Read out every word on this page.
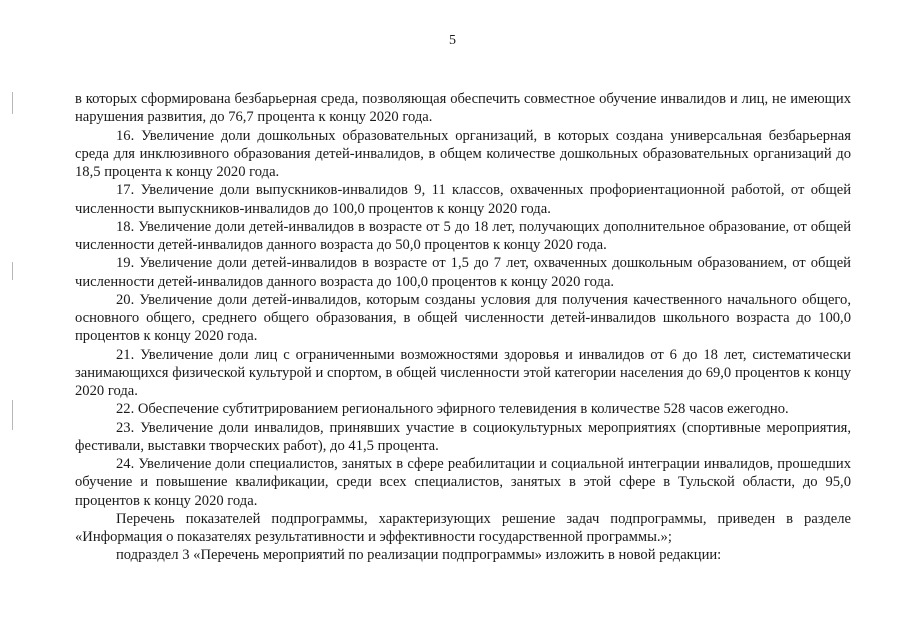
5

в которых сформирована безбарьерная среда, позволяющая обеспечить совместное обучение инвалидов и лиц, не имеющих нарушения развития, до 76,7 процента к концу 2020 года.

16. Увеличение доли дошкольных образовательных организаций, в которых создана универсальная безбарьерная среда для инклюзивного образования детей-инвалидов, в общем количестве дошкольных образовательных организаций до 18,5 процента к концу 2020 года.

17. Увеличение доли выпускников-инвалидов 9, 11 классов, охваченных профориентационной работой, от общей численности выпускников-инвалидов до 100,0 процентов к концу 2020 года.

18. Увеличение доли детей-инвалидов в возрасте от 5 до 18 лет, получающих дополнительное образование, от общей численности детей-инвалидов данного возраста до 50,0 процентов к концу 2020 года.

19. Увеличение доли детей-инвалидов в возрасте от 1,5 до 7 лет, охваченных дошкольным образованием, от общей численности детей-инвалидов данного возраста до 100,0 процентов к концу 2020 года.

20. Увеличение доли детей-инвалидов, которым созданы условия для получения качественного начального общего, основного общего, среднего общего образования, в общей численности детей-инвалидов школьного возраста до 100,0 процентов к концу 2020 года.

21. Увеличение доли лиц с ограниченными возможностями здоровья и инвалидов от 6 до 18 лет, систематически занимающихся физической культурой и спортом, в общей численности этой категории населения до 69,0 процентов к концу 2020 года.

22. Обеспечение субтитрированием регионального эфирного телевидения в количестве 528 часов ежегодно.

23. Увеличение доли инвалидов, принявших участие в социокультурных мероприятиях (спортивные мероприятия, фестивали, выставки творческих работ), до 41,5 процента.

24. Увеличение доли специалистов, занятых в сфере реабилитации и социальной интеграции инвалидов, прошедших обучение и повышение квалификации, среди всех специалистов, занятых в этой сфере в Тульской области, до 95,0 процентов к концу 2020 года.

Перечень показателей подпрограммы, характеризующих решение задач подпрограммы, приведен в разделе «Информация о показателях результативности и эффективности государственной программы.»;

подраздел 3 «Перечень мероприятий по реализации подпрограммы» изложить в новой редакции:
